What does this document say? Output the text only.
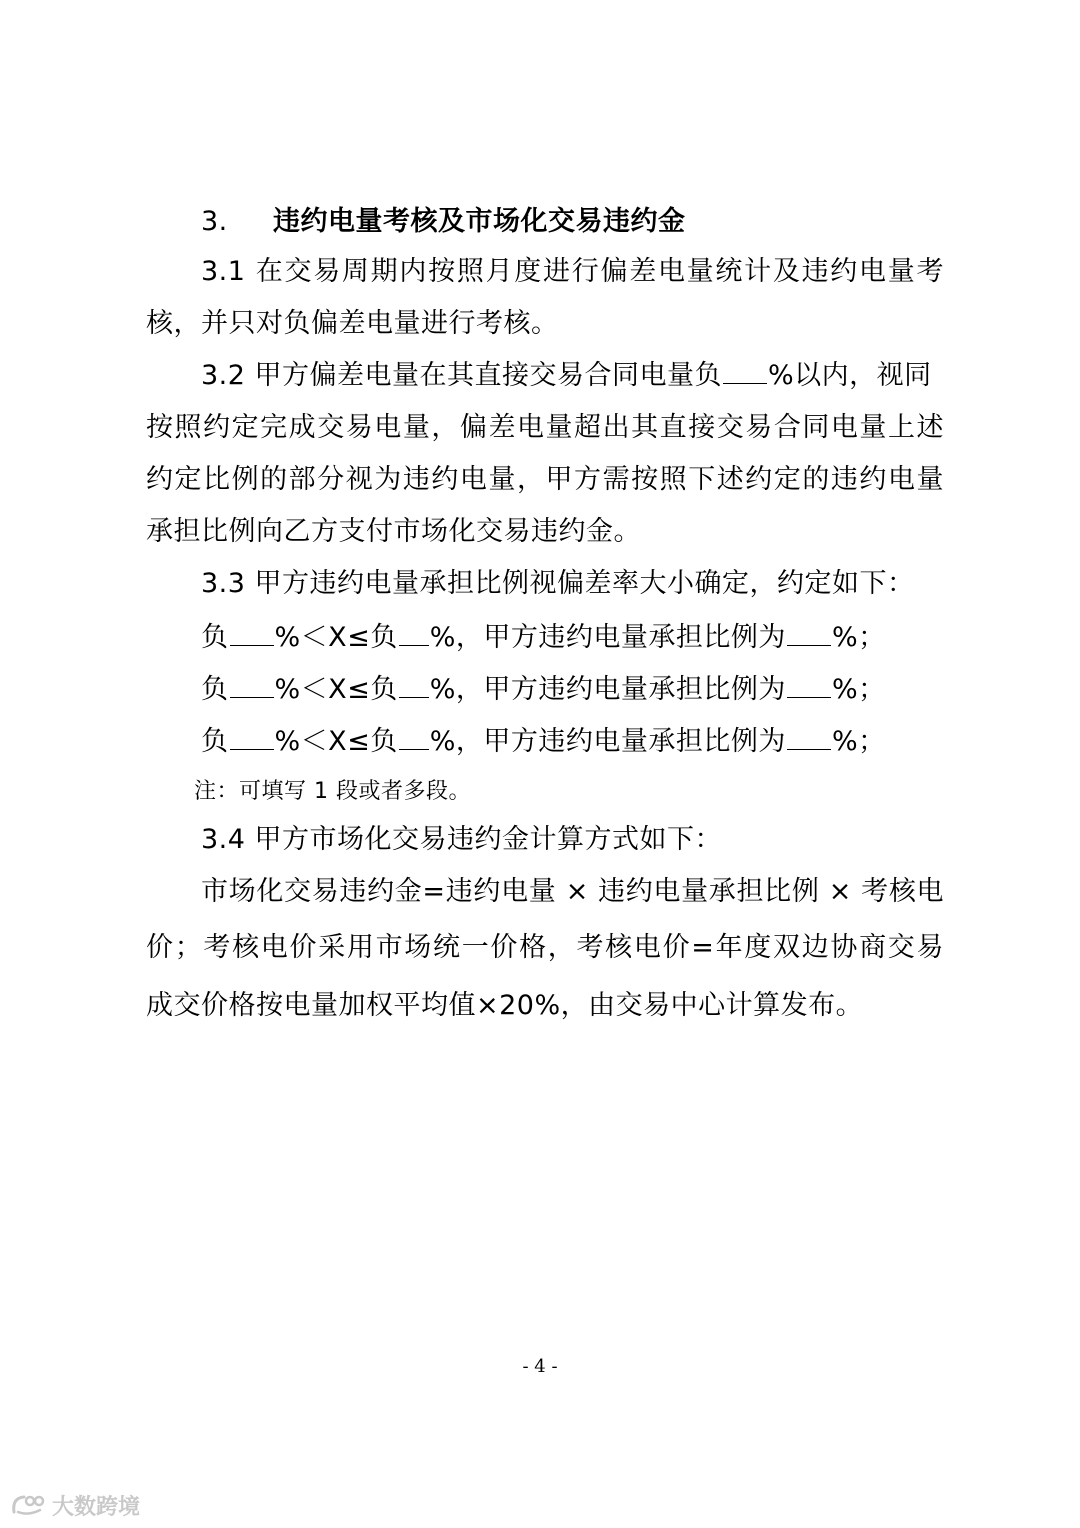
3. 违约电量考核及市场化交易违约金
3.1 在交易周期内按照月度进行偏差电量统计及违约电量考
核，并只对负偏差电量进行考核。
3.2 甲方偏差电量在其直接交易合同电量负 %以内，视同
按照约定完成交易电量，偏差电量超出其直接交易合同电量上述
约定比例的部分视为违约电量，甲方需按照下述约定的违约电量
承担比例向乙方支付市场化交易违约金。
3.3 甲方违约电量承担比例视偏差率大小确定，约定如下：
负 %＜X≤负 %，甲方违约电量承担比例为 %；
负 %＜X≤负 %，甲方违约电量承担比例为 %；
负 %＜X≤负 %，甲方违约电量承担比例为 %；
注：可填写 1 段或者多段。
3.4 甲方市场化交易违约金计算方式如下：
市场化交易违约金=违约电量 × 违约电量承担比例 × 考核电
价；考核电价采用市场统一价格，考核电价=年度双边协商交易
成交价格按电量加权平均值×20%，由交易中心计算发布。
- 4 -
大数跨境
